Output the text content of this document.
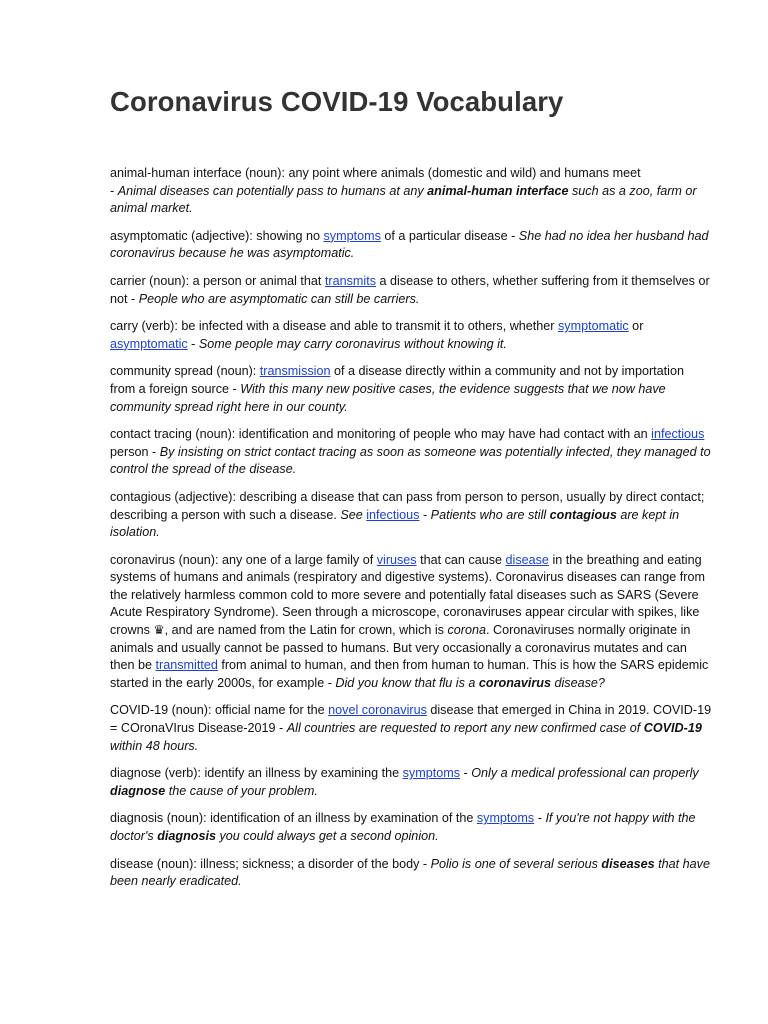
Coronavirus COVID-19 Vocabulary

animal-human interface (noun): any point where animals (domestic and wild) and humans meet
- Animal diseases can potentially pass to humans at any animal-human interface such as a zoo, farm or animal market.

asymptomatic (adjective): showing no symptoms of a particular disease - She had no idea her husband had coronavirus because he was asymptomatic.

carrier (noun): a person or animal that transmits a disease to others, whether suffering from it themselves or not - People who are asymptomatic can still be carriers.

carry (verb): be infected with a disease and able to transmit it to others, whether symptomatic or asymptomatic - Some people may carry coronavirus without knowing it.

community spread (noun): transmission of a disease directly within a community and not by importation from a foreign source - With this many new positive cases, the evidence suggests that we now have community spread right here in our county.

contact tracing (noun): identification and monitoring of people who may have had contact with an infectious person - By insisting on strict contact tracing as soon as someone was potentially infected, they managed to control the spread of the disease.

contagious (adjective): describing a disease that can pass from person to person, usually by direct contact; describing a person with such a disease. See infectious - Patients who are still contagious are kept in isolation.

coronavirus (noun): any one of a large family of viruses that can cause disease in the breathing and eating systems of humans and animals (respiratory and digestive systems). Coronavirus diseases can range from the relatively harmless common cold to more severe and potentially fatal diseases such as SARS (Severe Acute Respiratory Syndrome). Seen through a microscope, coronaviruses appear circular with spikes, like crowns ♛, and are named from the Latin for crown, which is corona. Coronaviruses normally originate in animals and usually cannot be passed to humans. But very occasionally a coronavirus mutates and can then be transmitted from animal to human, and then from human to human. This is how the SARS epidemic started in the early 2000s, for example - Did you know that flu is a coronavirus disease?

COVID-19 (noun): official name for the novel coronavirus disease that emerged in China in 2019. COVID-19 = COronaVIrus Disease-2019 - All countries are requested to report any new confirmed case of COVID-19 within 48 hours.

diagnose (verb): identify an illness by examining the symptoms - Only a medical professional can properly diagnose the cause of your problem.

diagnosis (noun): identification of an illness by examination of the symptoms - If you're not happy with the doctor's diagnosis you could always get a second opinion.

disease (noun): illness; sickness; a disorder of the body - Polio is one of several serious diseases that have been nearly eradicated.
